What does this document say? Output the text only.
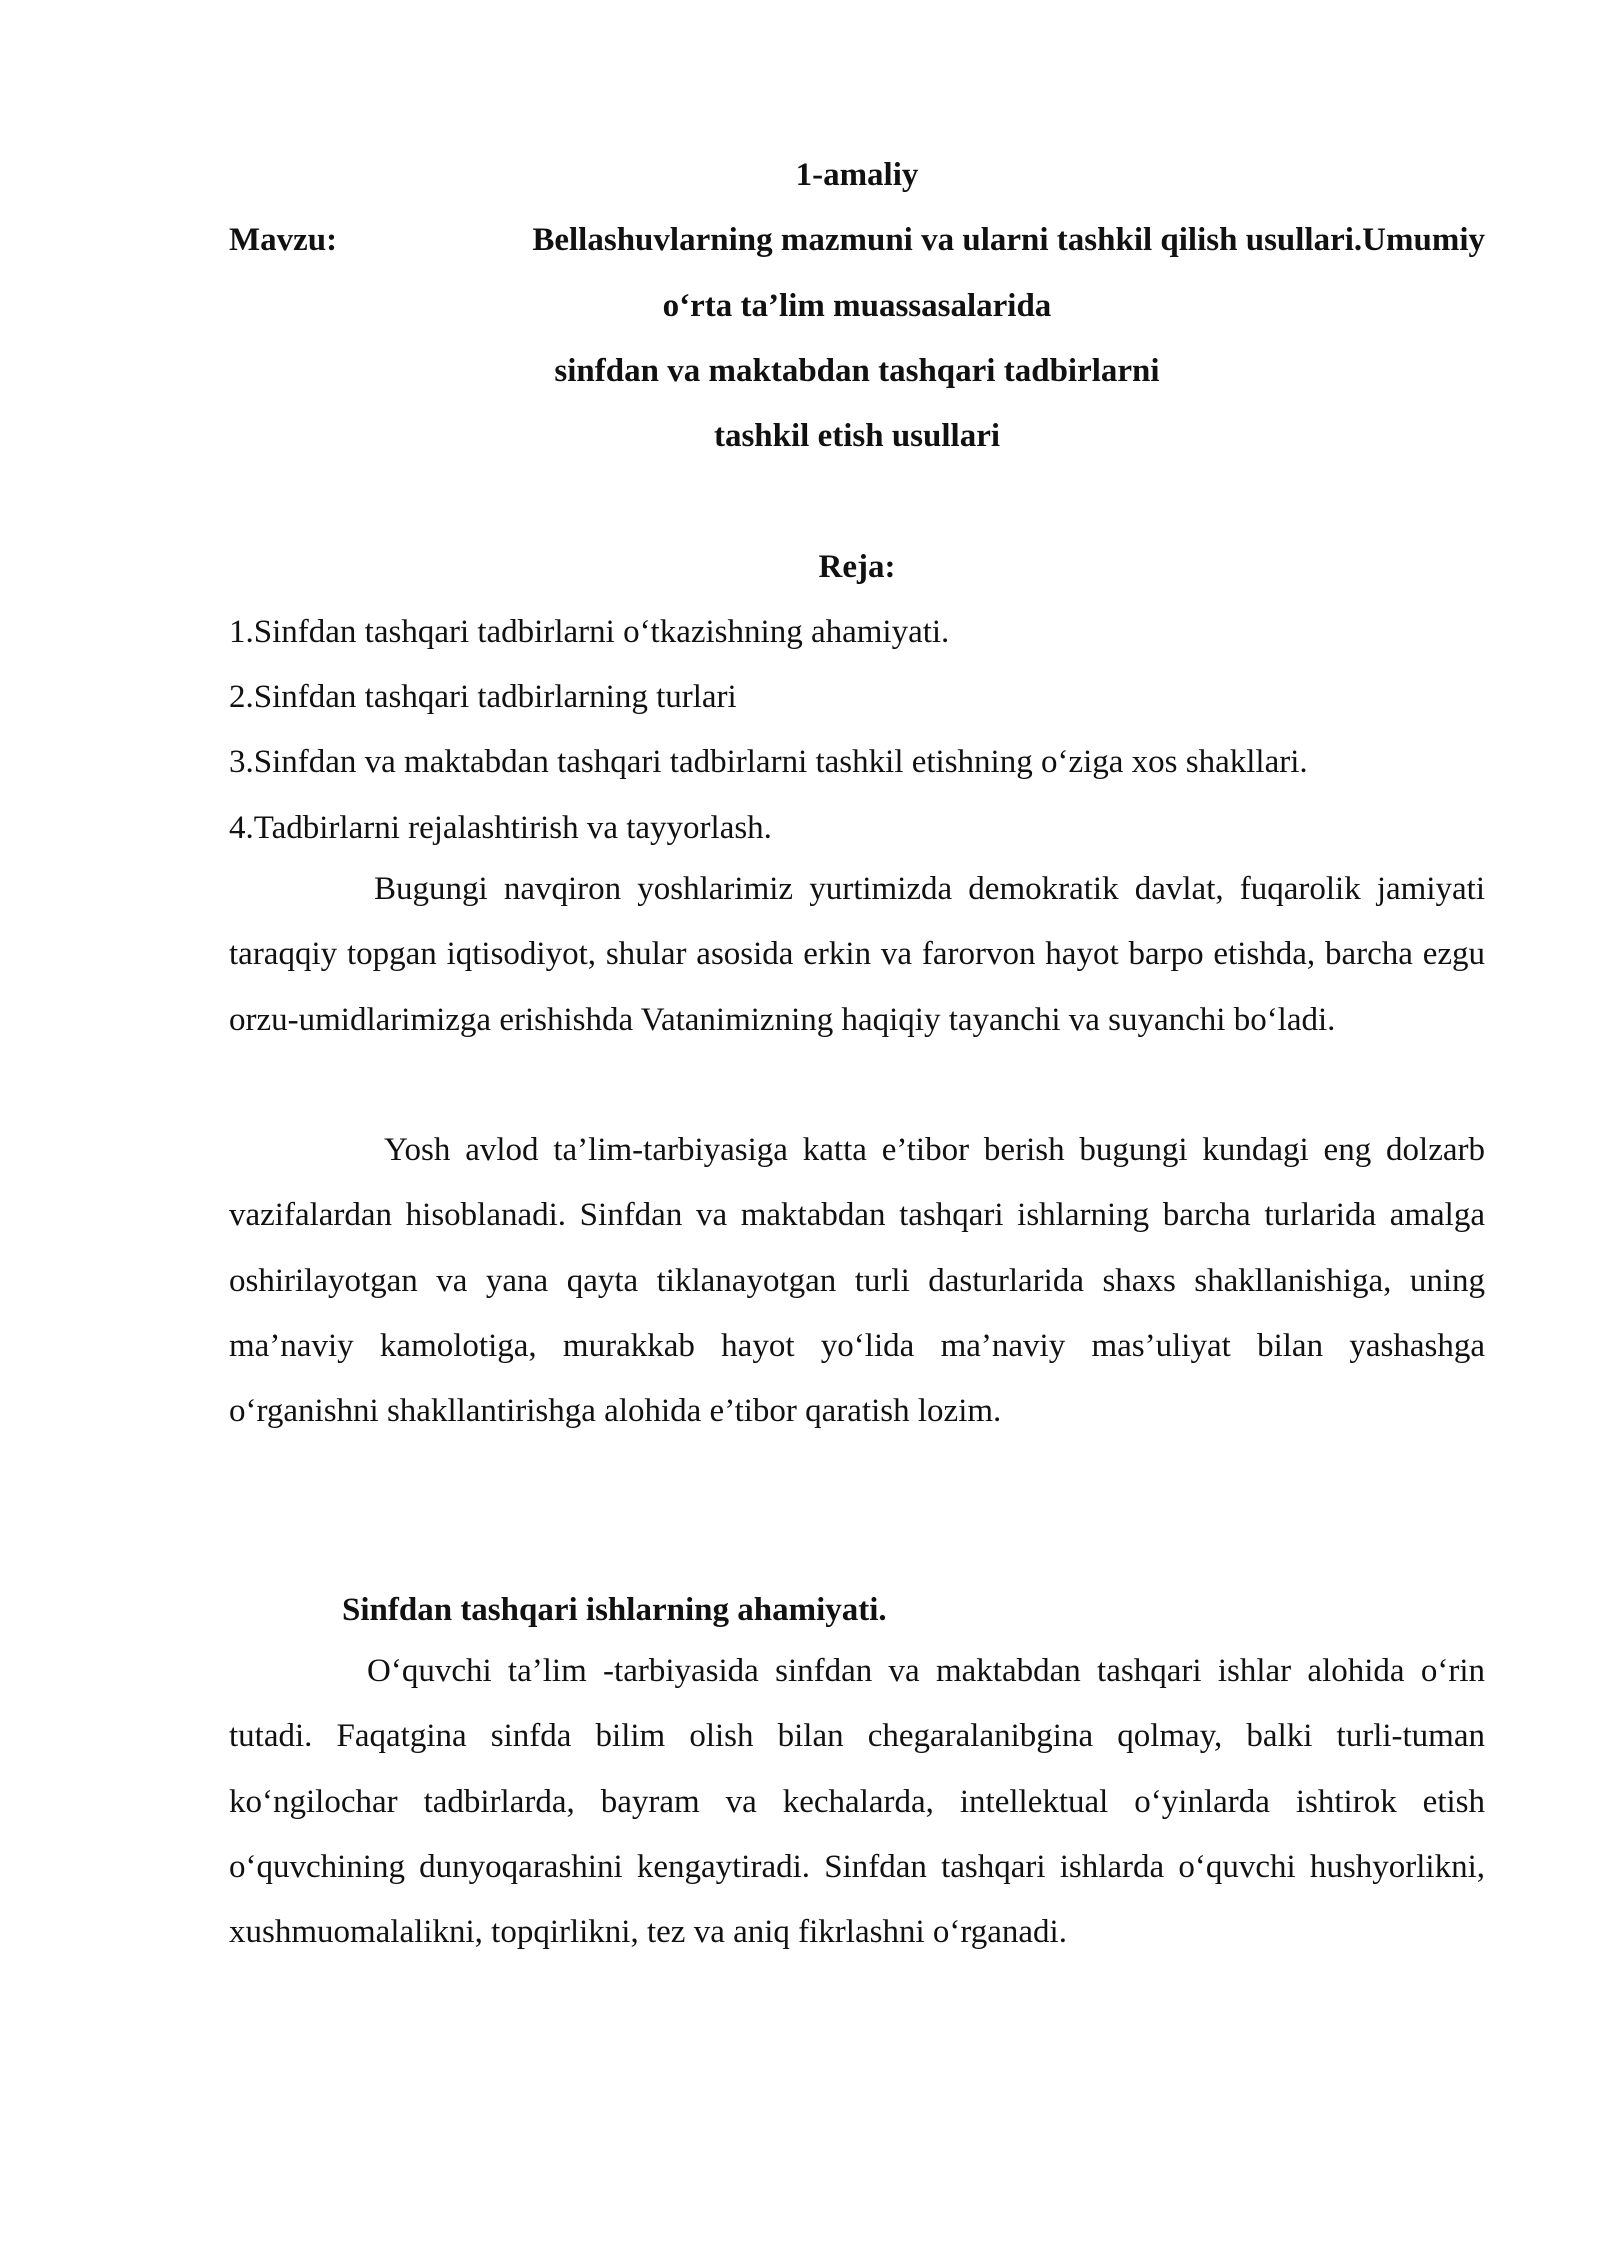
1-amaliy
Mavzu:	Bellashuvlarning mazmuni va ularni tashkil qilish usullari.Umumiy
o‘rta ta’lim muassasalarida
sinfdan va maktabdan tashqari tadbirlarni
tashkil etish usullari
Reja:
1.Sinfdan tashqari tadbirlarni o‘tkazishning ahamiyati.
2.Sinfdan tashqari tadbirlarning turlari
3.Sinfdan va maktabdan tashqari tadbirlarni tashkil etishning o‘ziga xos shakllari.
4.Tadbirlarni rejalashtirish va tayyorlash.

Bugungi navqiron yoshlarimiz yurtimizda demokratik davlat, fuqarolik jamiyati taraqqiy topgan iqtisodiyot, shular asosida erkin va farorvon hayot barpo etishda, barcha ezgu orzu-umidlarimizga erishishda Vatanimizning haqiqiy tayanchi va suyanchi bo‘ladi.

Yosh avlod ta’lim-tarbiyasiga katta e’tibor berish bugungi kundagi eng dolzarb vazifalardan hisoblanadi. Sinfdan va maktabdan tashqari ishlarning barcha turlarida amalga oshirilayotgan va yana qayta tiklanayotgan turli dasturlarida shaxs shakllanishiga, uning ma’naviy kamolotiga, murakkab hayot yo‘lida ma’naviy mas’uliyat bilan yashashga o‘rganishni shakllantirishga alohida e’tibor qaratish lozim.

Sinfdan tashqari ishlarning ahamiyati.

O‘quvchi ta’lim -tarbiyasida sinfdan va maktabdan tashqari ishlar alohida o‘rin tutadi. Faqatgina sinfda bilim olish bilan chegaralanibgina qolmay, balki turli-tuman ko‘ngilochar tadbirlarda, bayram va kechalarda, intellektual o‘yinlarda ishtirok etish o‘quvchining dunyoqarashini kengaytiradi. Sinfdan tashqari ishlarda o‘quvchi hushyorlikni, xushmuomalalikni, topqirlikni, tez va aniq fikrlashni o‘rganadi.
